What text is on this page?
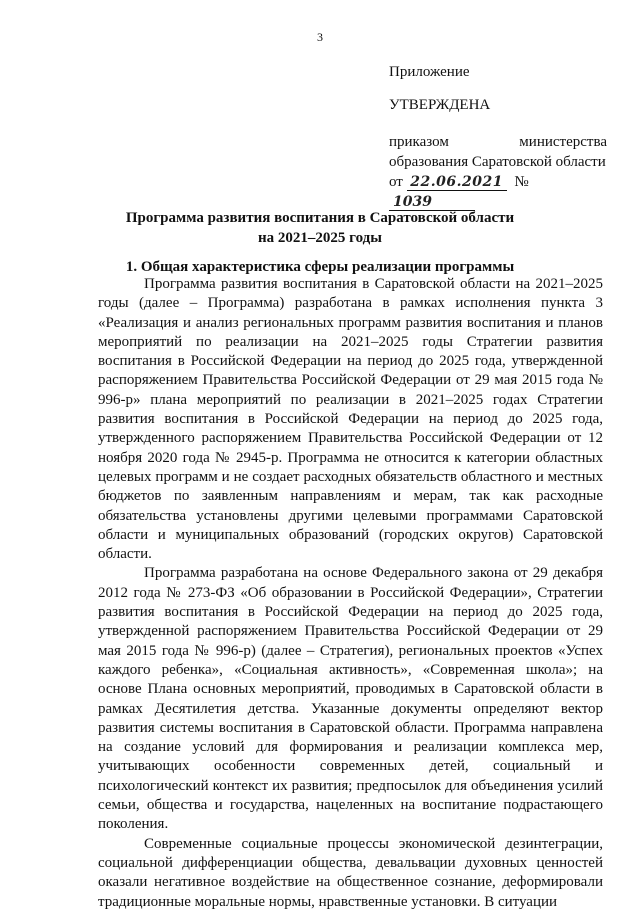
3
Приложение
УТВЕРЖДЕНА
приказом	министерства
образования Саратовской области
от 22.06.2021 № 1039
Программа развития воспитания в Саратовской области
на 2021–2025 годы
1. Общая характеристика сферы реализации программы

Программа развития воспитания в Саратовской области на 2021–2025 годы (далее – Программа) разработана в рамках исполнения пункта 3 «Реализация и анализ региональных программ развития воспитания и планов мероприятий по реализации на 2021–2025 годы Стратегии развития воспитания в Российской Федерации на период до 2025 года, утвержденной распоряжением Правительства Российской Федерации от 29 мая 2015 года № 996-р» плана мероприятий по реализации в 2021–2025 годах Стратегии развития воспитания в Российской Федерации на период до 2025 года, утвержденного распоряжением Правительства Российской Федерации от 12 ноября 2020 года № 2945-р. Программа не относится к категории областных целевых программ и не создает расходных обязательств областного и местных бюджетов по заявленным направлениям и мерам, так как расходные обязательства установлены другими целевыми программами Саратовской области и муниципальных образований (городских округов) Саратовской области.

Программа разработана на основе Федерального закона от 29 декабря 2012 года № 273-ФЗ «Об образовании в Российской Федерации», Стратегии развития воспитания в Российской Федерации на период до 2025 года, утвержденной распоряжением Правительства Российской Федерации от 29 мая 2015 года № 996-р) (далее – Стратегия), региональных проектов «Успех каждого ребенка», «Социальная активность», «Современная школа»; на основе Плана основных мероприятий, проводимых в Саратовской области в рамках Десятилетия детства. Указанные документы определяют вектор развития системы воспитания в Саратовской области. Программа направлена на создание условий для формирования и реализации комплекса мер, учитывающих особенности современных детей, социальный и психологический контекст их развития; предпосылок для объединения усилий семьи, общества и государства, нацеленных на воспитание подрастающего поколения.

Современные социальные процессы экономической дезинтеграции, социальной дифференциации общества, девальвации духовных ценностей оказали негативное воздействие на общественное сознание, деформировали традиционные моральные нормы, нравственные установки. В ситуации
